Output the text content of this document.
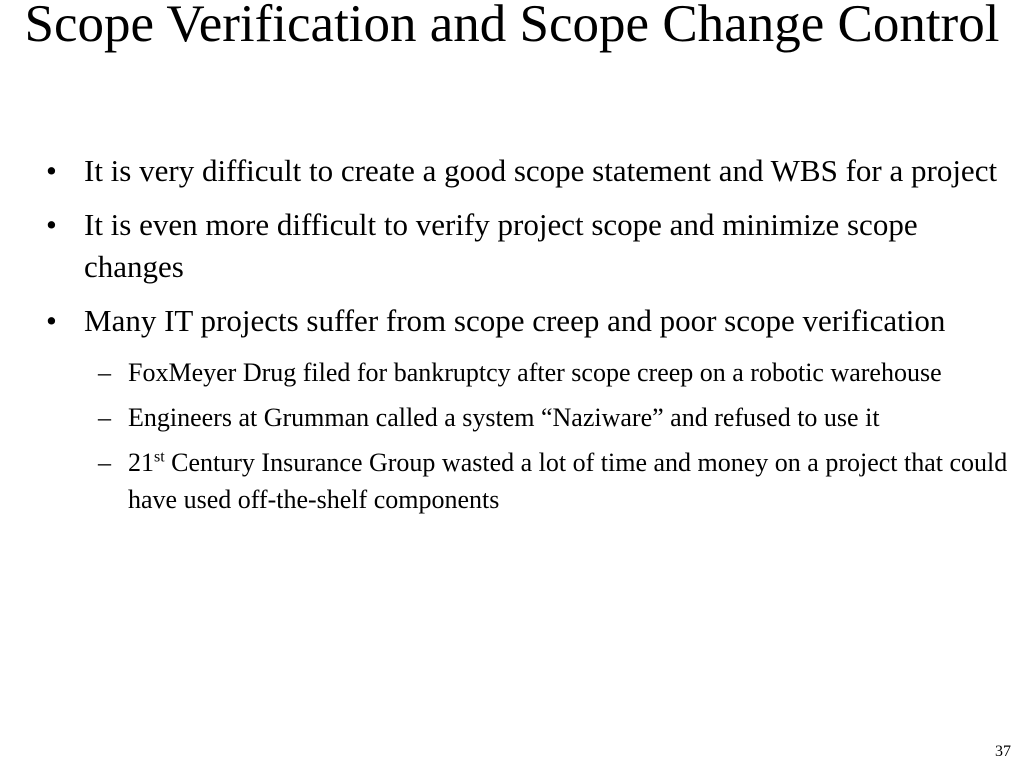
Scope Verification and Scope Change Control
• It is very difficult to create a good scope statement and WBS for a project
• It is even more difficult to verify project scope and minimize scope changes
• Many IT projects suffer from scope creep and poor scope verification
– FoxMeyer Drug filed for bankruptcy after scope creep on a robotic warehouse
– Engineers at Grumman called a system “Naziware” and refused to use it
– 21st Century Insurance Group wasted a lot of time and money on a project that could have used off-the-shelf components
37
